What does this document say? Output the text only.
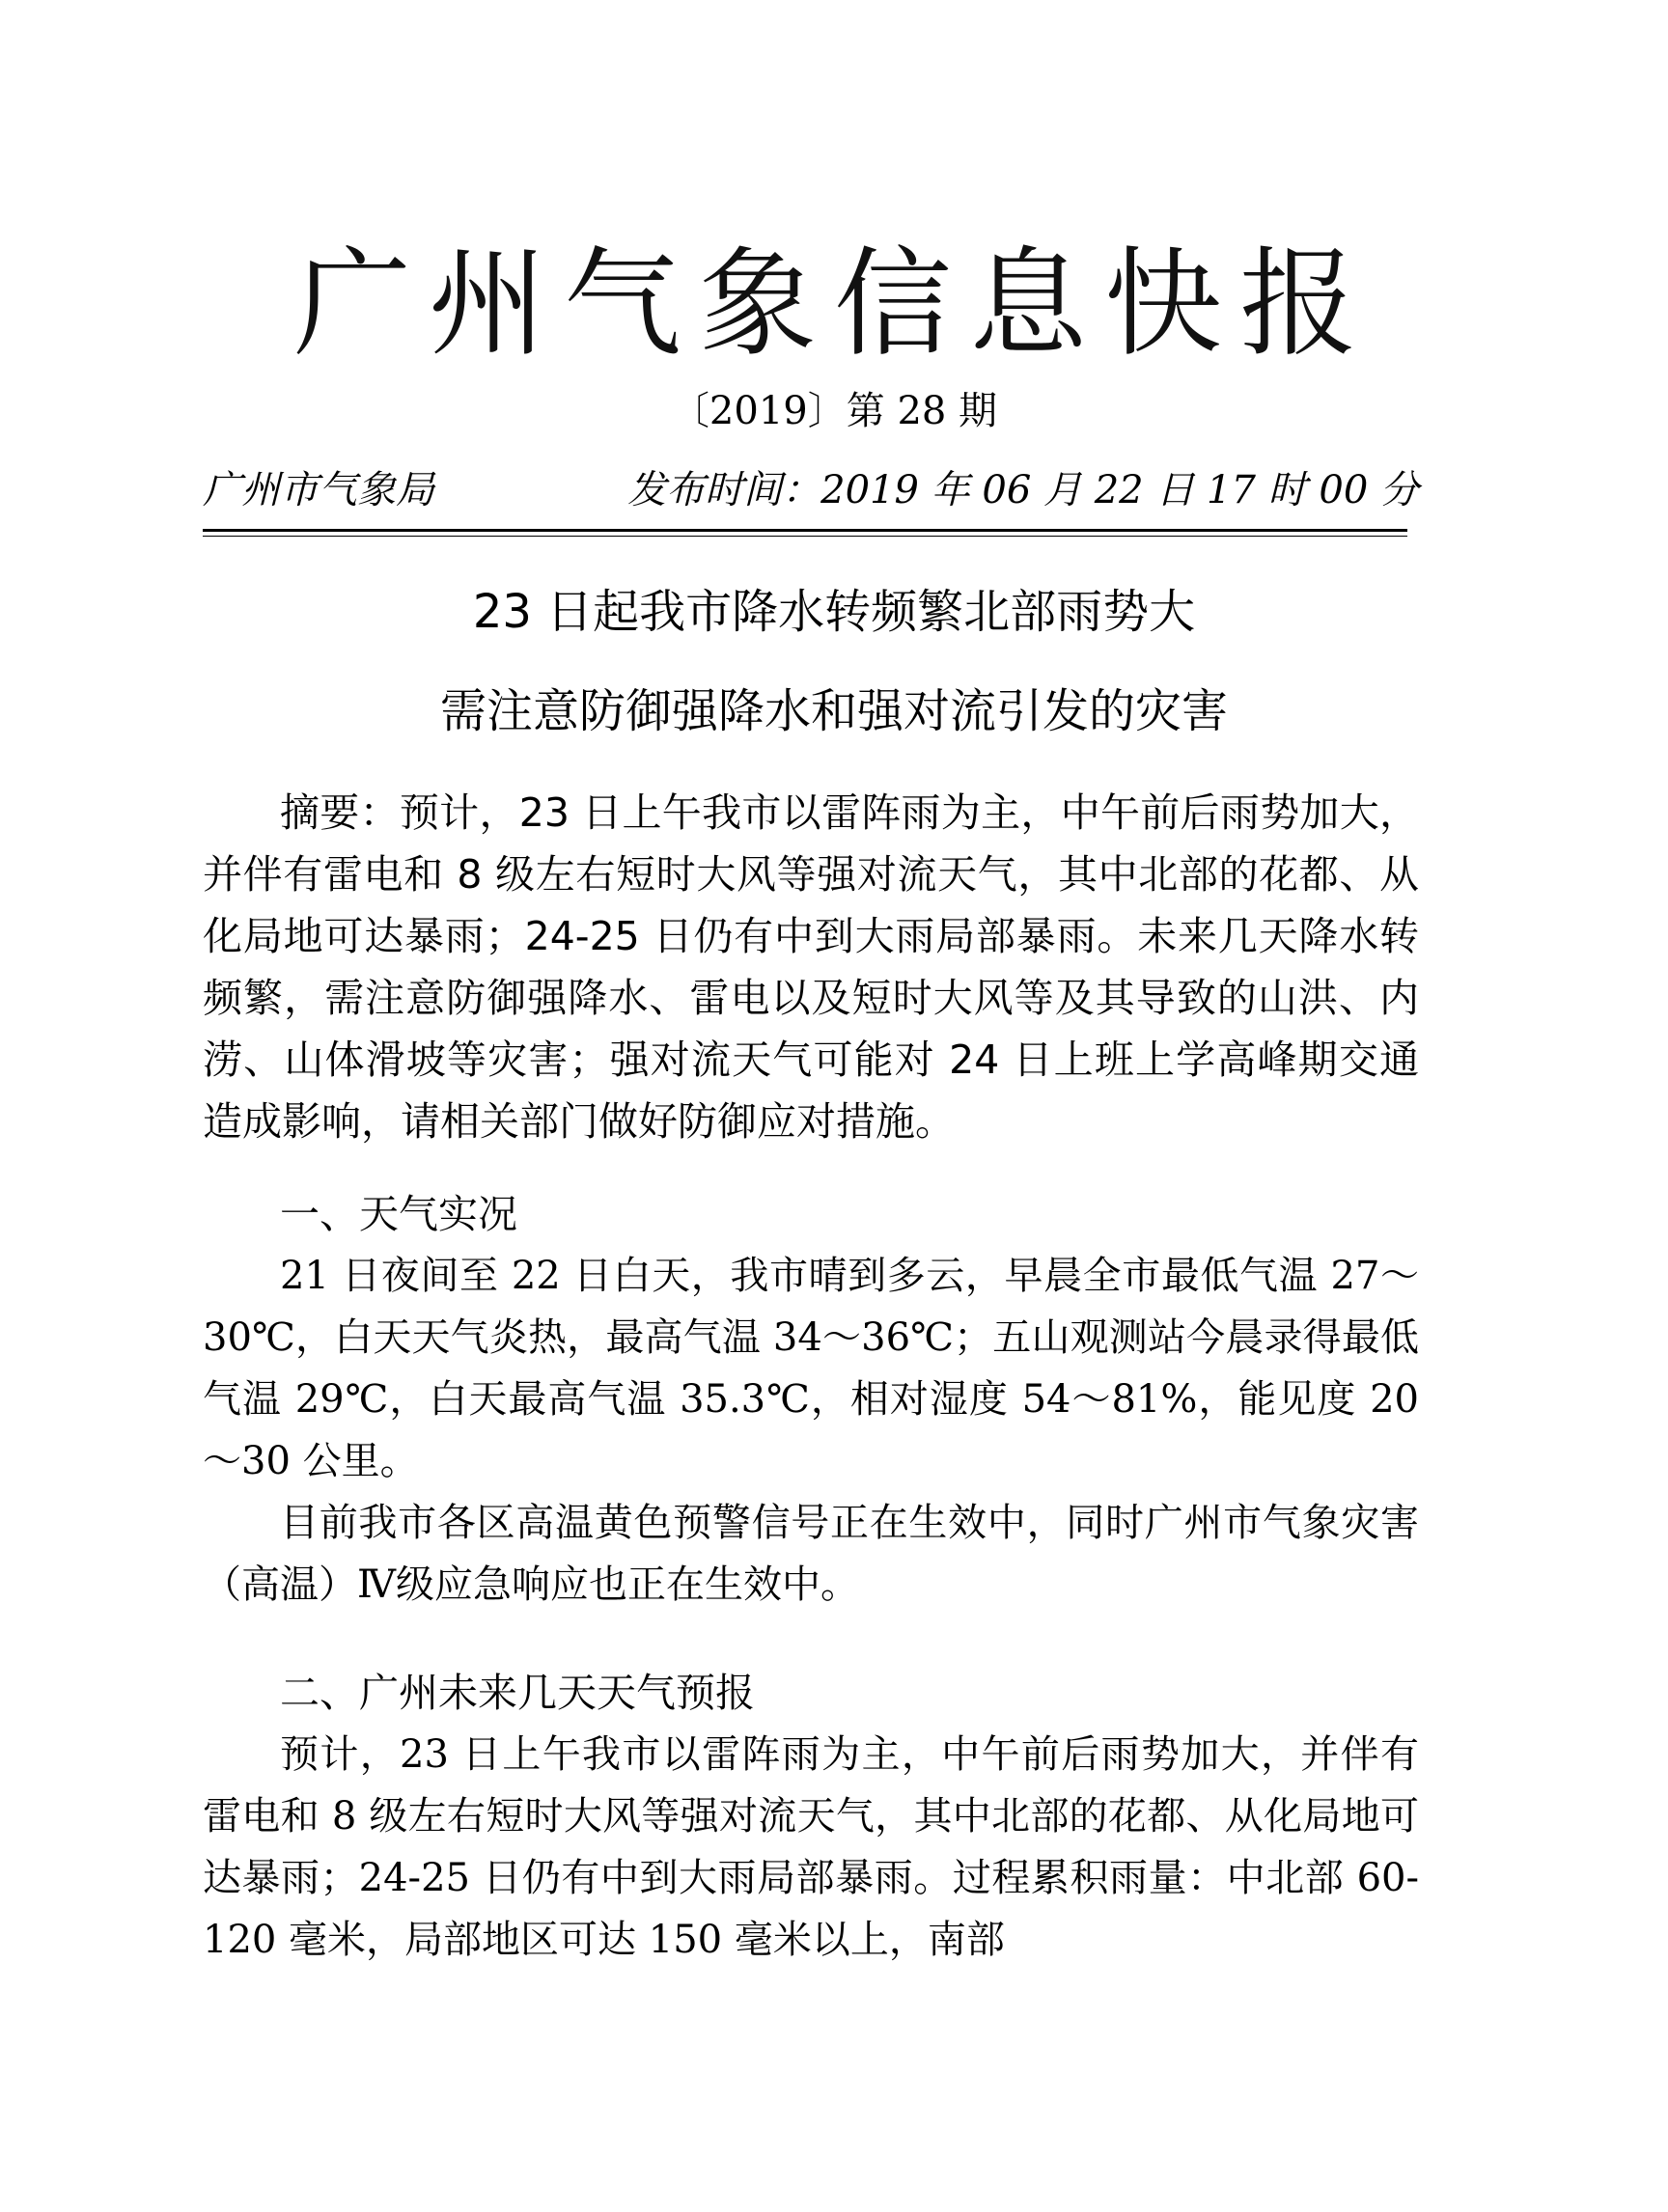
广州气象信息快报
〔2019〕第 28 期
广州市气象局	发布时间：2019 年 06 月 22 日 17 时 00 分
23 日起我市降水转频繁北部雨势大
需注意防御强降水和强对流引发的灾害

摘要：预计，23 日上午我市以雷阵雨为主，中午前后雨势加大，并伴有雷电和 8 级左右短时大风等强对流天气，其中北部的花都、从化局地可达暴雨；24-25 日仍有中到大雨局部暴雨。未来几天降水转频繁，需注意防御强降水、雷电以及短时大风等及其导致的山洪、内涝、山体滑坡等灾害；强对流天气可能对 24 日上班上学高峰期交通造成影响，请相关部门做好防御应对措施。

一、天气实况

21 日夜间至 22 日白天，我市晴到多云，早晨全市最低气温 27～30℃，白天天气炎热，最高气温 34～36℃；五山观测站今晨录得最低气温 29℃，白天最高气温 35.3℃，相对湿度 54～81%，能见度 20～30 公里。

目前我市各区高温黄色预警信号正在生效中，同时广州市气象灾害（高温）Ⅳ级应急响应也正在生效中。

二、广州未来几天天气预报

预计，23 日上午我市以雷阵雨为主，中午前后雨势加大，并伴有雷电和 8 级左右短时大风等强对流天气，其中北部的花都、从化局地可达暴雨；24-25 日仍有中到大雨局部暴雨。过程累积雨量：中北部 60-120 毫米，局部地区可达 150 毫米以上，南部
